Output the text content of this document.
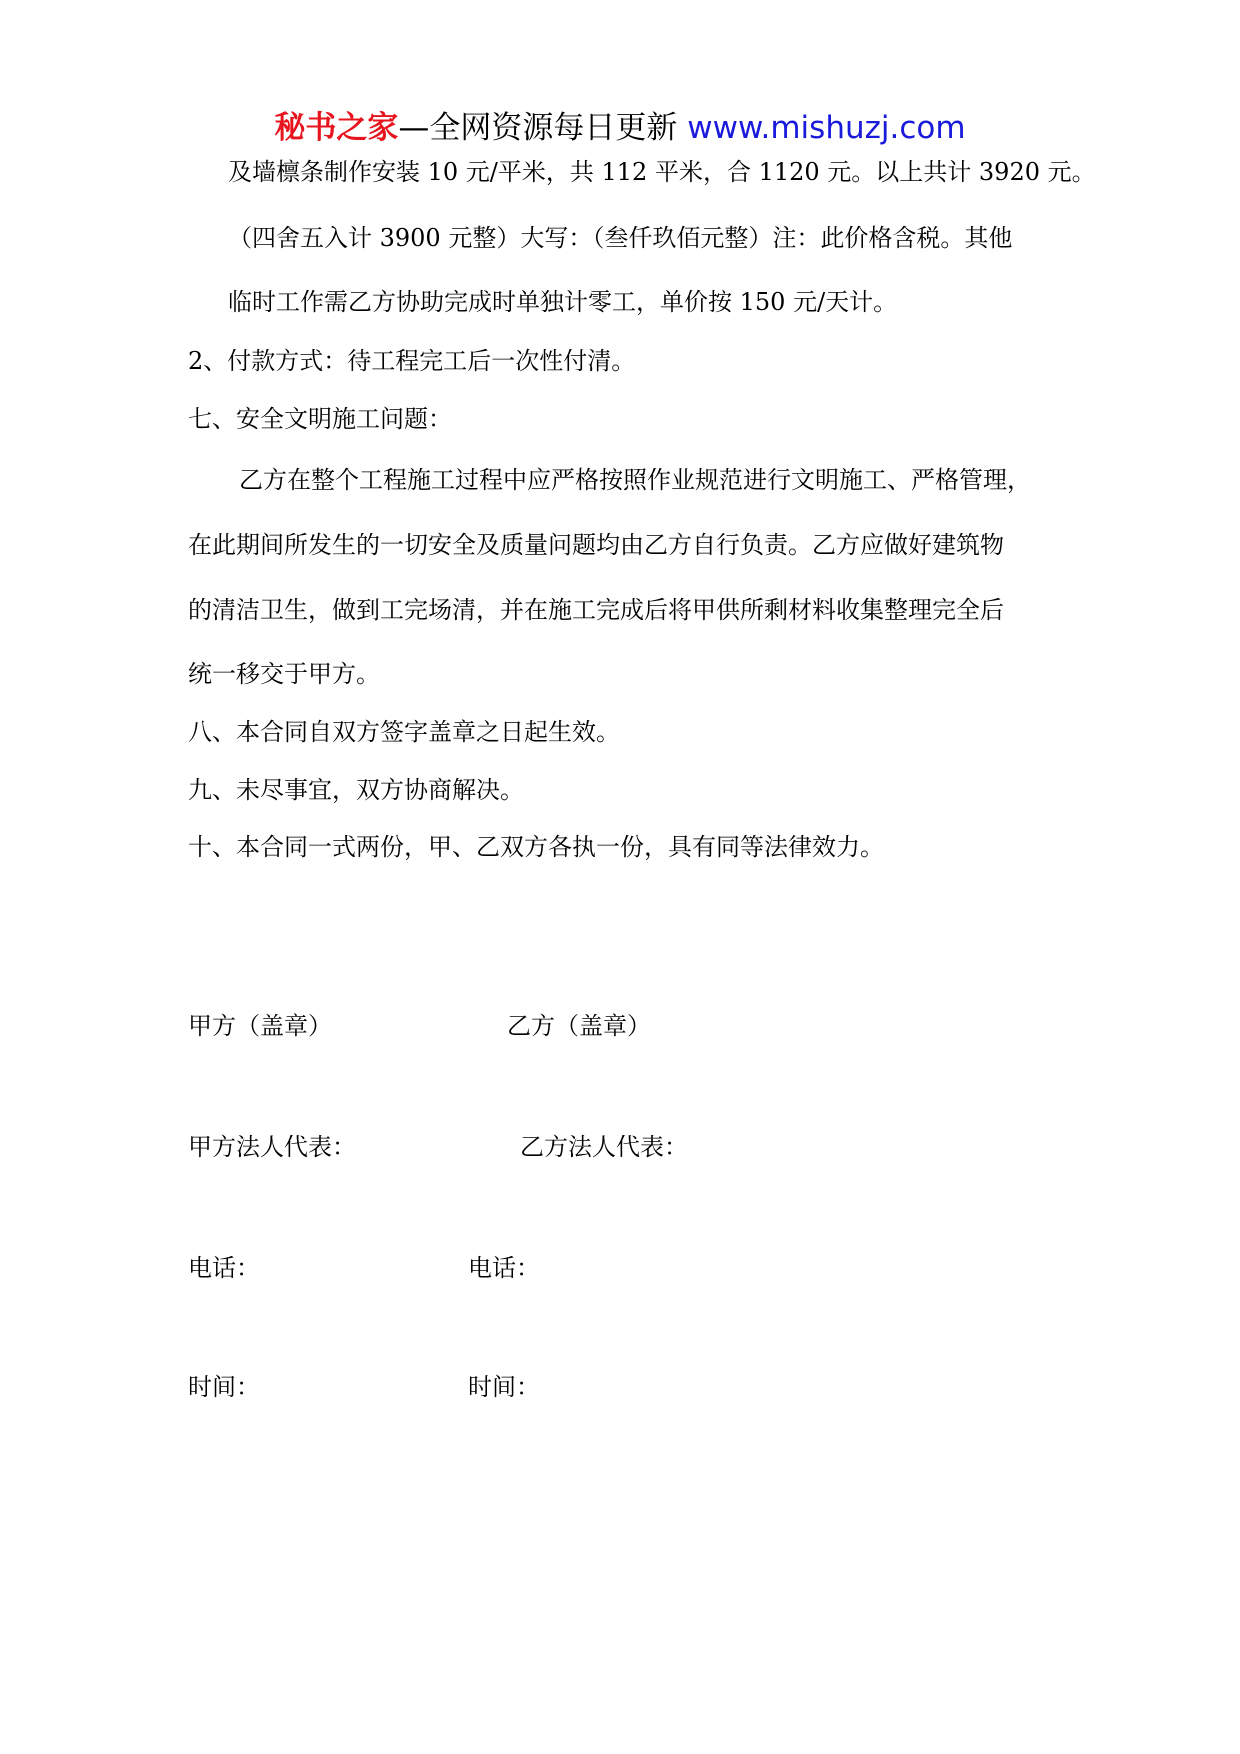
秘书之家—全网资源每日更新 www.mishuzj.com
及墙檩条制作安装 10 元/平米，共 112 平米，合 1120 元。以上共计 3920 元。
（四舍五入计 3900 元整）大写：（叁仟玖佰元整）注：此价格含税。其他
临时工作需乙方协助完成时单独计零工，单价按 150 元/天计。
2、付款方式：待工程完工后一次性付清。
七、安全文明施工问题：
乙方在整个工程施工过程中应严格按照作业规范进行文明施工、严格管理，
在此期间所发生的一切安全及质量问题均由乙方自行负责。乙方应做好建筑物
的清洁卫生，做到工完场清，并在施工完成后将甲供所剩材料收集整理完全后
统一移交于甲方。
八、本合同自双方签字盖章之日起生效。
九、未尽事宜，双方协商解决。
十、本合同一式两份，甲、乙双方各执一份，具有同等法律效力。
甲方（盖章）	乙方（盖章）
甲方法人代表：	乙方法人代表：
电话：	电话：
时间：	时间：
